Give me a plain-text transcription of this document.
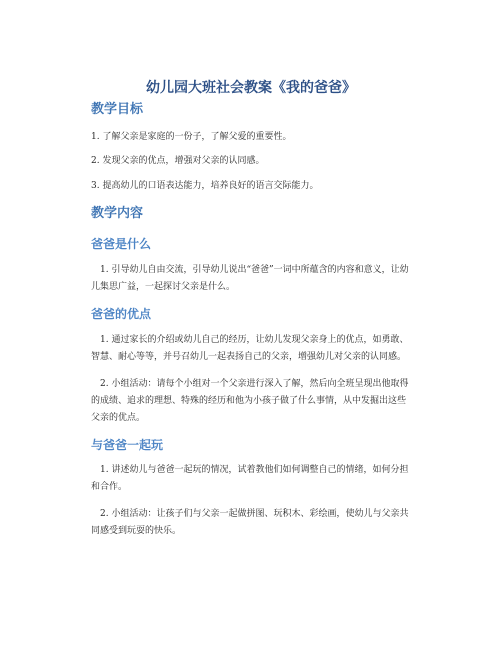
幼儿园大班社会教案《我的爸爸》
教学目标
1. 了解父亲是家庭的一份子，了解父爱的重要性。
2. 发现父亲的优点，增强对父亲的认同感。
3. 提高幼儿的口语表达能力，培养良好的语言交际能力。
教学内容
爸爸是什么
1. 引导幼儿自由交流，引导幼儿说出“爸爸”一词中所蕴含的内容和意义，让幼儿集思广益，一起探讨父亲是什么。
爸爸的优点
1. 通过家长的介绍或幼儿自己的经历，让幼儿发现父亲身上的优点，如勇敢、智慧、耐心等等，并号召幼儿一起表扬自己的父亲，增强幼儿对父亲的认同感。
2. 小组活动：请每个小组对一个父亲进行深入了解，然后向全班呈现出他取得的成绩、追求的理想、特殊的经历和他为小孩子做了什么事情，从中发掘出这些父亲的优点。
与爸爸一起玩
1. 讲述幼儿与爸爸一起玩的情况，试着教他们如何调整自己的情绪，如何分担和合作。
2. 小组活动：让孩子们与父亲一起做拼图、玩积木、彩绘画，使幼儿与父亲共同感受到玩耍的快乐。
